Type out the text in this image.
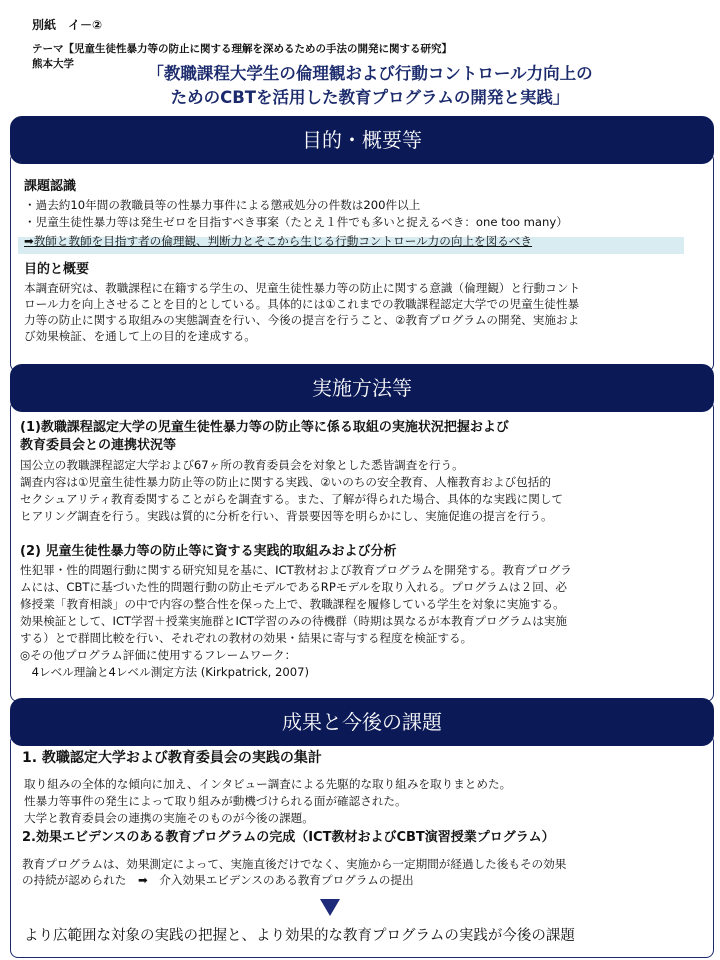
別紙　イ－②
テーマ【児童生徒性暴力等の防止に関する理解を深めるための手法の開発に関する研究】
熊本大学	「教職課程大学生の倫理観および行動コントロール力向上の
ためのCBTを活用した教育プログラムの開発と実践」
目的・概要等
課題認識
・過去約10年間の教職員等の性暴力事件による懲戒処分の件数は200件以上
・児童生徒性暴力等は発生ゼロを目指すべき事案（たとえ１件でも多いと捉えるべき：one too many）
➡教師と教師を目指す者の倫理観、判断力とそこから生じる行動コントロール力の向上を図るべき
目的と概要
本調査研究は、教職課程に在籍する学生の、児童生徒性暴力等の防止に関する意識（倫理観）と行動コント
ロール力を向上させることを目的としている。具体的には①これまでの教職課程認定大学での児童生徒性暴
力等の防止に関する取組みの実態調査を行い、今後の提言を行うこと、②教育プログラムの開発、実施およ
び効果検証、を通して上の目的を達成する。
実施方法等
(1)教職課程認定大学の児童生徒性暴力等の防止等に係る取組の実施状況把握および
教育委員会との連携状況等
国公立の教職課程認定大学および67ヶ所の教育委員会を対象とした悉皆調査を行う。
調査内容は①児童生徒性暴力防止等の防止に関する実践、②いのちの安全教育、人権教育および包括的
セクシュアリティ教育委関することがらを調査する。また、了解が得られた場合、具体的な実践に関して
ヒアリング調査を行う。実践は質的に分析を行い、背景要因等を明らかにし、実施促進の提言を行う。
(2) 児童生徒性暴力等の防止等に資する実践的取組みおよび分析
性犯罪・性的問題行動に関する研究知見を基に、ICT教材および教育プログラムを開発する。教育プログラ
ムには、CBTに基づいた性的問題行動の防止モデルであるRPモデルを取り入れる。プログラムは２回、必
修授業「教育相談」の中で内容の整合性を保った上で、教職課程を履修している学生を対象に実施する。
効果検証として、ICT学習＋授業実施群とICT学習のみの待機群（時期は異なるが本教育プログラムは実施
する）とで群間比較を行い、それぞれの教材の効果・結果に寄与する程度を検証する。
◎その他プログラム評価に使用するフレームワーク：
　4レベル理論と4レベル測定方法 (Kirkpatrick, 2007)
成果と今後の課題
1. 教職認定大学および教育委員会の実践の集計
取り組みの全体的な傾向に加え、インタビュー調査による先駆的な取り組みを取りまとめた。
性暴力等事件の発生によって取り組みが動機づけられる面が確認された。
大学と教育委員会の連携の実施そのものが今後の課題。
2.効果エビデンスのある教育プログラムの完成（ICT教材およびCBT演習授業プログラム）
教育プログラムは、効果測定によって、実施直後だけでなく、実施から一定期間が経過した後もその効果
の持続が認められた　➡　介入効果エビデンスのある教育プログラムの提出
より広範囲な対象の実践の把握と、より効果的な教育プログラムの実践が今後の課題
